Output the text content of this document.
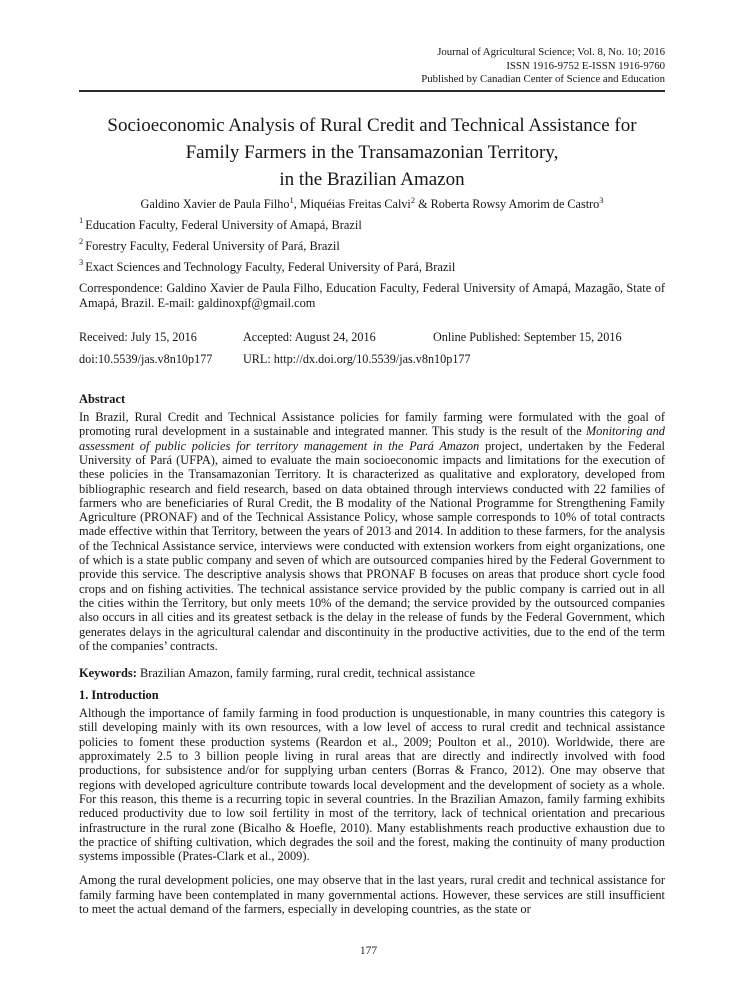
Journal of Agricultural Science; Vol. 8, No. 10; 2016
ISSN 1916-9752 E-ISSN 1916-9760
Published by Canadian Center of Science and Education
Socioeconomic Analysis of Rural Credit and Technical Assistance for
Family Farmers in the Transamazonian Territory,
in the Brazilian Amazon
Galdino Xavier de Paula Filho$^1$, Miquéias Freitas Calvi$^2$ & Roberta Rowsy Amorim de Castro$^3$
$^1$ Education Faculty, Federal University of Amapá, Brazil
$^2$ Forestry Faculty, Federal University of Pará, Brazil
$^3$ Exact Sciences and Technology Faculty, Federal University of Pará, Brazil
Correspondence: Galdino Xavier de Paula Filho, Education Faculty, Federal University of Amapá, Mazagão, State of Amapá, Brazil. E-mail: galdinoxpf@gmail.com
Received: July 15, 2016	Accepted: August 24, 2016	Online Published: September 15, 2016
doi:10.5539/jas.v8n10p177	URL: http://dx.doi.org/10.5539/jas.v8n10p177
Abstract

In Brazil, Rural Credit and Technical Assistance policies for family farming were formulated with the goal of promoting rural development in a sustainable and integrated manner. This study is the result of the Monitoring and assessment of public policies for territory management in the Pará Amazon project, undertaken by the Federal University of Pará (UFPA), aimed to evaluate the main socioeconomic impacts and limitations for the execution of these policies in the Transamazonian Territory. It is characterized as qualitative and exploratory, developed from bibliographic research and field research, based on data obtained through interviews conducted with 22 families of farmers who are beneficiaries of Rural Credit, the B modality of the National Programme for Strengthening Family Agriculture (PRONAF) and of the Technical Assistance Policy, whose sample corresponds to 10% of total contracts made effective within that Territory, between the years of 2013 and 2014. In addition to these farmers, for the analysis of the Technical Assistance service, interviews were conducted with extension workers from eight organizations, one of which is a state public company and seven of which are outsourced companies hired by the Federal Government to provide this service. The descriptive analysis shows that PRONAF B focuses on areas that produce short cycle food crops and on fishing activities. The technical assistance service provided by the public company is carried out in all the cities within the Territory, but only meets 10% of the demand; the service provided by the outsourced companies also occurs in all cities and its greatest setback is the delay in the release of funds by the Federal Government, which generates delays in the agricultural calendar and discontinuity in the productive activities, due to the end of the term of the companies’ contracts.

Keywords: Brazilian Amazon, family farming, rural credit, technical assistance
1. Introduction

Although the importance of family farming in food production is unquestionable, in many countries this category is still developing mainly with its own resources, with a low level of access to rural credit and technical assistance policies to foment these production systems (Reardon et al., 2009; Poulton et al., 2010). Worldwide, there are approximately 2.5 to 3 billion people living in rural areas that are directly and indirectly involved with food productions, for subsistence and/or for supplying urban centers (Borras & Franco, 2012). One may observe that regions with developed agriculture contribute towards local development and the development of society as a whole. For this reason, this theme is a recurring topic in several countries. In the Brazilian Amazon, family farming exhibits reduced productivity due to low soil fertility in most of the territory, lack of technical orientation and precarious infrastructure in the rural zone (Bicalho & Hoefle, 2010). Many establishments reach productive exhaustion due to the practice of shifting cultivation, which degrades the soil and the forest, making the continuity of many production systems impossible (Prates-Clark et al., 2009).

Among the rural development policies, one may observe that in the last years, rural credit and technical assistance for family farming have been contemplated in many governmental actions. However, these services are still insufficient to meet the actual demand of the farmers, especially in developing countries, as the state or

177
